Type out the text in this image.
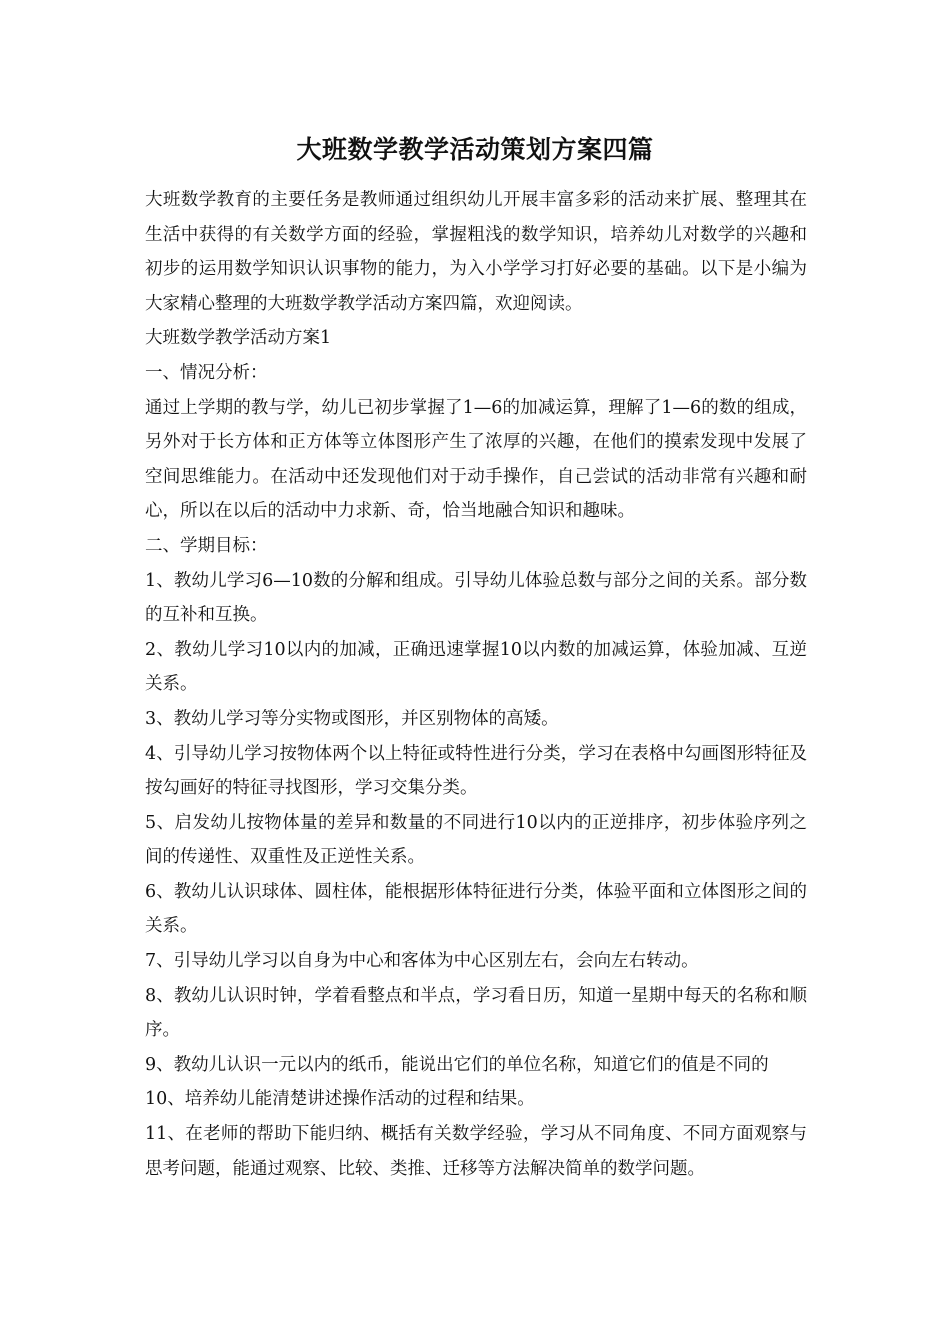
大班数学教学活动策划方案四篇

大班数学教育的主要任务是教师通过组织幼儿开展丰富多彩的活动来扩展、整理其在生活中获得的有关数学方面的经验，掌握粗浅的数学知识，培养幼儿对数学的兴趣和初步的运用数学知识认识事物的能力，为入小学学习打好必要的基础。以下是小编为大家精心整理的大班数学教学活动方案四篇，欢迎阅读。

大班数学教学活动方案1

一、情况分析：

通过上学期的教与学，幼儿已初步掌握了1—6的加减运算，理解了1—6的数的组成，另外对于长方体和正方体等立体图形产生了浓厚的兴趣，在他们的摸索发现中发展了空间思维能力。在活动中还发现他们对于动手操作，自己尝试的活动非常有兴趣和耐心，所以在以后的活动中力求新、奇，恰当地融合知识和趣味。

二、学期目标：

1、教幼儿学习6—10数的分解和组成。引导幼儿体验总数与部分之间的关系。部分数的互补和互换。

2、教幼儿学习10以内的加减，正确迅速掌握10以内数的加减运算，体验加减、互逆关系。

3、教幼儿学习等分实物或图形，并区别物体的高矮。

4、引导幼儿学习按物体两个以上特征或特性进行分类，学习在表格中勾画图形特征及按勾画好的特征寻找图形，学习交集分类。

5、启发幼儿按物体量的差异和数量的不同进行10以内的正逆排序，初步体验序列之间的传递性、双重性及正逆性关系。

6、教幼儿认识球体、圆柱体，能根据形体特征进行分类，体验平面和立体图形之间的关系。

7、引导幼儿学习以自身为中心和客体为中心区别左右，会向左右转动。

8、教幼儿认识时钟，学着看整点和半点，学习看日历，知道一星期中每天的名称和顺序。

9、教幼儿认识一元以内的纸币，能说出它们的单位名称，知道它们的值是不同的

10、培养幼儿能清楚讲述操作活动的过程和结果。

11、在老师的帮助下能归纳、概括有关数学经验，学习从不同角度、不同方面观察与思考问题，能通过观察、比较、类推、迁移等方法解决简单的数学问题。
